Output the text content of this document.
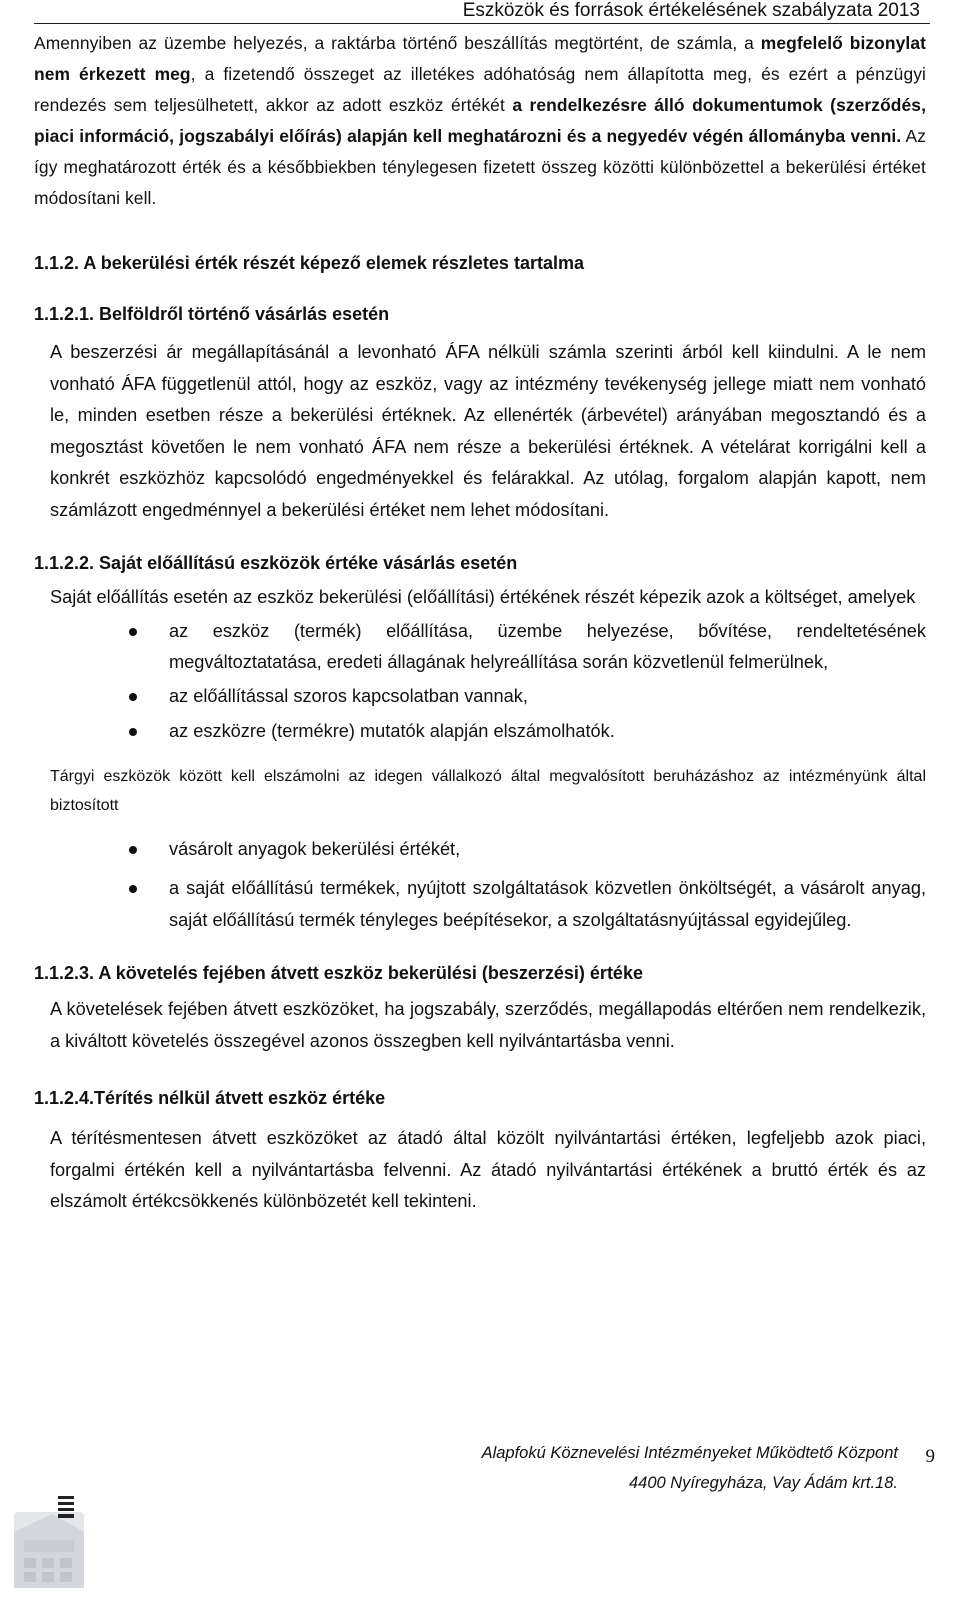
Eszközök és források értékelésének szabályzata 2013

Amennyiben az üzembe helyezés, a raktárba történő beszállítás megtörtént, de számla, a megfelelő bizonylat nem érkezett meg, a fizetendő összeget az illetékes adóhatóság nem állapította meg, és ezért a pénzügyi rendezés sem teljesülhetett, akkor az adott eszköz értékét a rendelkezésre álló dokumentumok (szerződés, piaci információ, jogszabályi előírás) alapján kell meghatározni és a negyedév végén állományba venni. Az így meghatározott érték és a későbbiekben ténylegesen fizetett összeg közötti különbözettel a bekerülési értéket módosítani kell.

1.1.2. A bekerülési érték részét képező elemek részletes tartalma
1.1.2.1. Belföldről történő vásárlás esetén

A beszerzési ár megállapításánál a levonható ÁFA nélküli számla szerinti árból kell kiindulni. A le nem vonható ÁFA függetlenül attól, hogy az eszköz, vagy az intézmény tevékenység jellege miatt nem vonható le, minden esetben része a bekerülési értéknek. Az ellenérték (árbevétel) arányában megosztandó és a megosztást követően le nem vonható ÁFA nem része a bekerülési értéknek. A vételárat korrigálni kell a konkrét eszközhöz kapcsolódó engedményekkel és felárakkal. Az utólag, forgalom alapján kapott, nem számlázott engedménnyel a bekerülési értéket nem lehet módosítani.

1.1.2.2. Saját előállítású eszközök értéke vásárlás esetén

Saját előállítás esetén az eszköz bekerülési (előállítási) értékének részét képezik azok a költséget, amelyek

az eszköz (termék) előállítása, üzembe helyezése, bővítése, rendeltetésének megváltoztatatása, eredeti állagának helyreállítása során közvetlenül felmerülnek,
az előállítással szoros kapcsolatban vannak,
az eszközre (termékre) mutatók alapján elszámolhatók.

Tárgyi eszközök között kell elszámolni az idegen vállalkozó által megvalósított beruházáshoz az intézményünk által biztosított

vásárolt anyagok bekerülési értékét,
a saját előállítású termékek, nyújtott szolgáltatások közvetlen önköltségét, a vásárolt anyag, saját előállítású termék tényleges beépítésekor, a szolgáltatásnyújtással egyidejűleg.
1.1.2.3. A követelés fejében átvett eszköz bekerülési (beszerzési) értéke

A követelések fejében átvett eszközöket, ha jogszabály, szerződés, megállapodás eltérően nem rendelkezik, a kiváltott követelés összegével azonos összegben kell nyilvántartásba venni.

1.1.2.4.Térítés nélkül átvett eszköz értéke

A térítésmentesen átvett eszközöket az átadó által közölt nyilvántartási értéken, legfeljebb azok piaci, forgalmi értékén kell a nyilvántartásba felvenni. Az átadó nyilvántartási értékének a bruttó érték és az elszámolt értékcsökkenés különbözetét kell tekinteni.

Alapfokú Köznevelési Intézményeket Működtető Központ
4400 Nyíregyháza, Vay Ádám krt.18.
9
